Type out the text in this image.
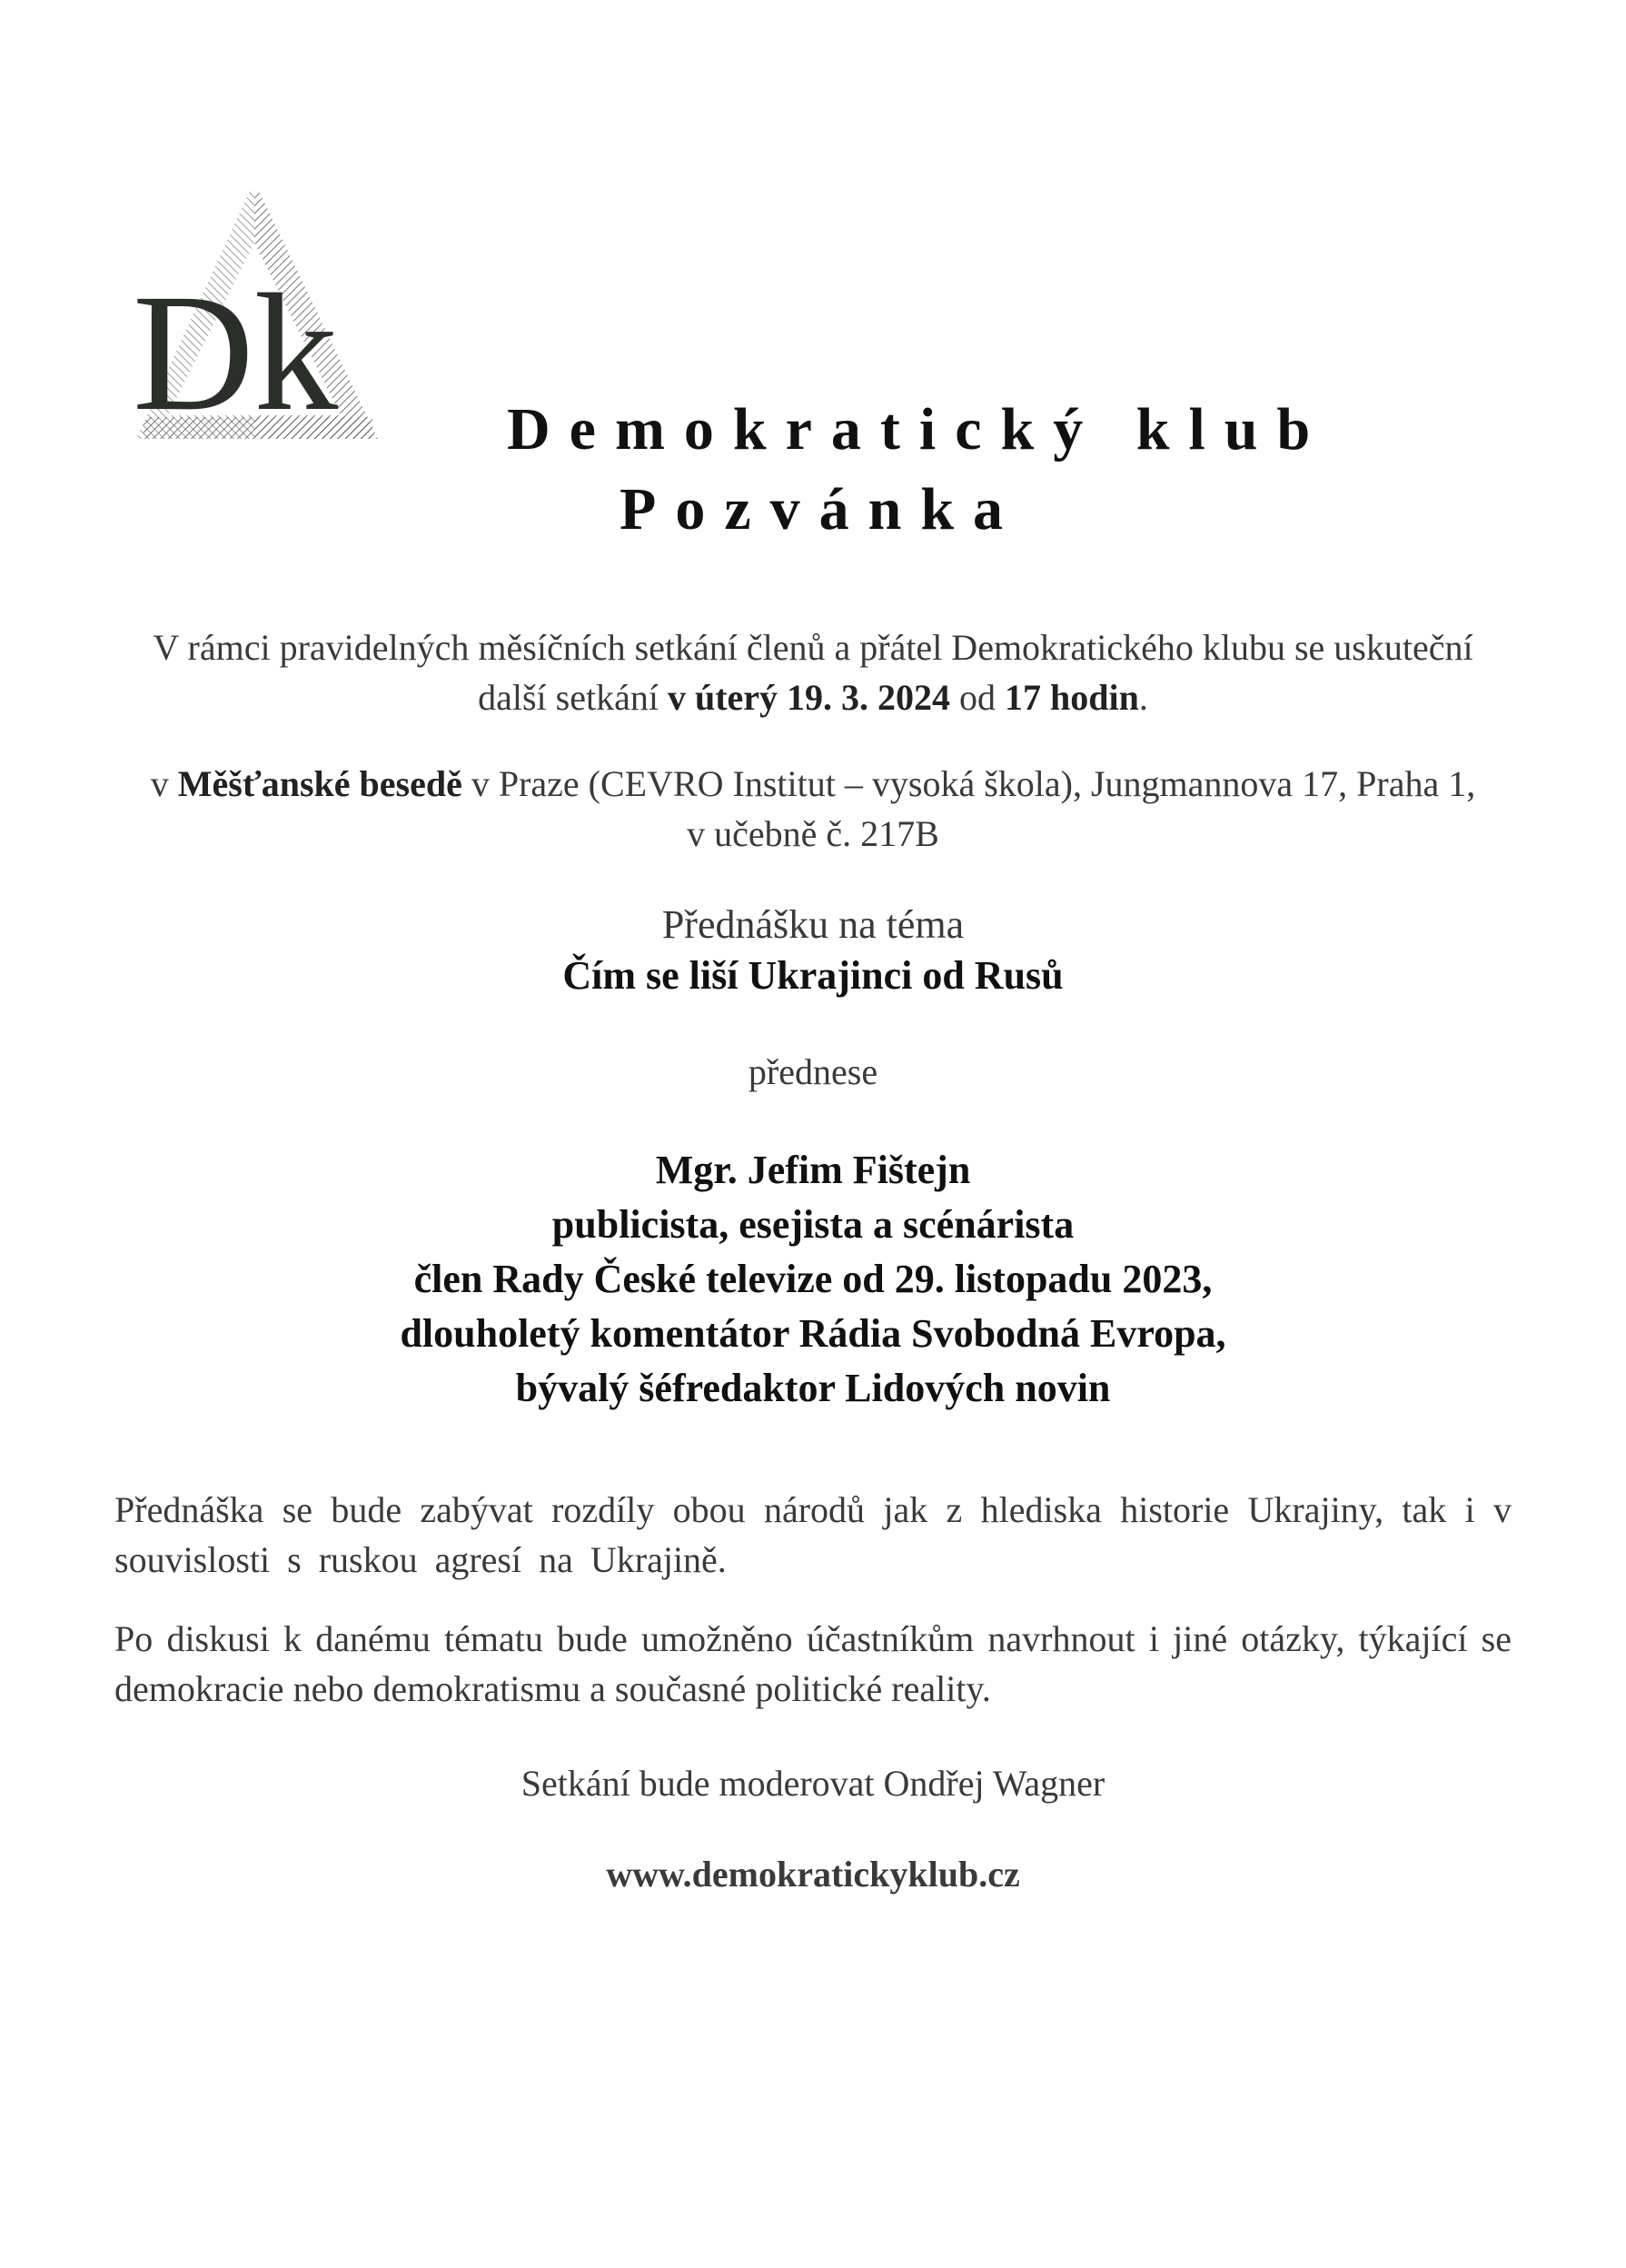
Dk	Demokratický klub
Pozvánka
V rámci pravidelných měsíčních setkání členů a přátel Demokratického klubu se uskuteční
další setkání v úterý 19. 3. 2024 od 17 hodin.
v Měšťanské besedě v Praze (CEVRO Institut – vysoká škola), Jungmannova 17, Praha 1,
v učebně č. 217B
Přednášku na téma
Čím se liší Ukrajinci od Rusů
přednese
Mgr. Jefim Fištejn
publicista, esejista a scénárista
člen Rady České televize od 29. listopadu 2023,
dlouholetý komentátor Rádia Svobodná Evropa,
bývalý šéfredaktor Lidových novin
Přednáška se bude zabývat rozdíly obou národů jak z hlediska historie Ukrajiny, tak i v souvislosti s ruskou agresí na Ukrajině.
Po diskusi k danému tématu bude umožněno účastníkům navrhnout i jiné otázky, týkající se demokracie nebo demokratismu a současné politické reality.
Setkání bude moderovat Ondřej Wagner
www.demokratickyklub.cz
